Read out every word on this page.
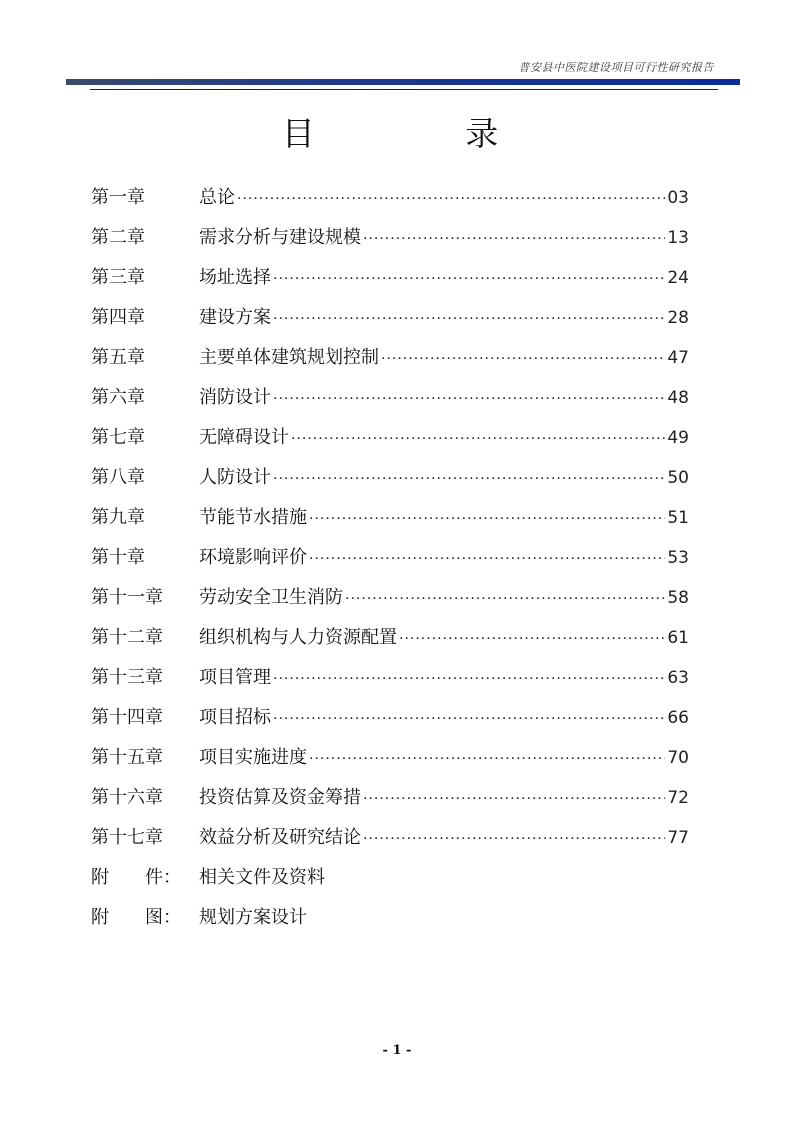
普安县中医院建设项目可行性研究报告
目 录
第一章	总论 ·····	03
第二章	需求分析与建设规模 ·····	13
第三章	场址选择 ·····	24
第四章	建设方案 ·····	28
第五章	主要单体建筑规划控制 ·····	47
第六章	消防设计 ·····	48
第七章	无障碍设计 ·····	49
第八章	人防设计 ·····	50
第九章	节能节水措施 ·····	51
第十章	环境影响评价 ·····	53
第十一章	劳动安全卫生消防 ·····	58
第十二章	组织机构与人力资源配置 ·····	61
第十三章	项目管理 ·····	63
第十四章	项目招标 ·····	66
第十五章	项目实施进度 ·····	70
第十六章	投资估算及资金筹措 ·····	72
第十七章	效益分析及研究结论 ·····	77
附 件：	相关文件及资料
附 图：	规划方案设计
- 1 -
